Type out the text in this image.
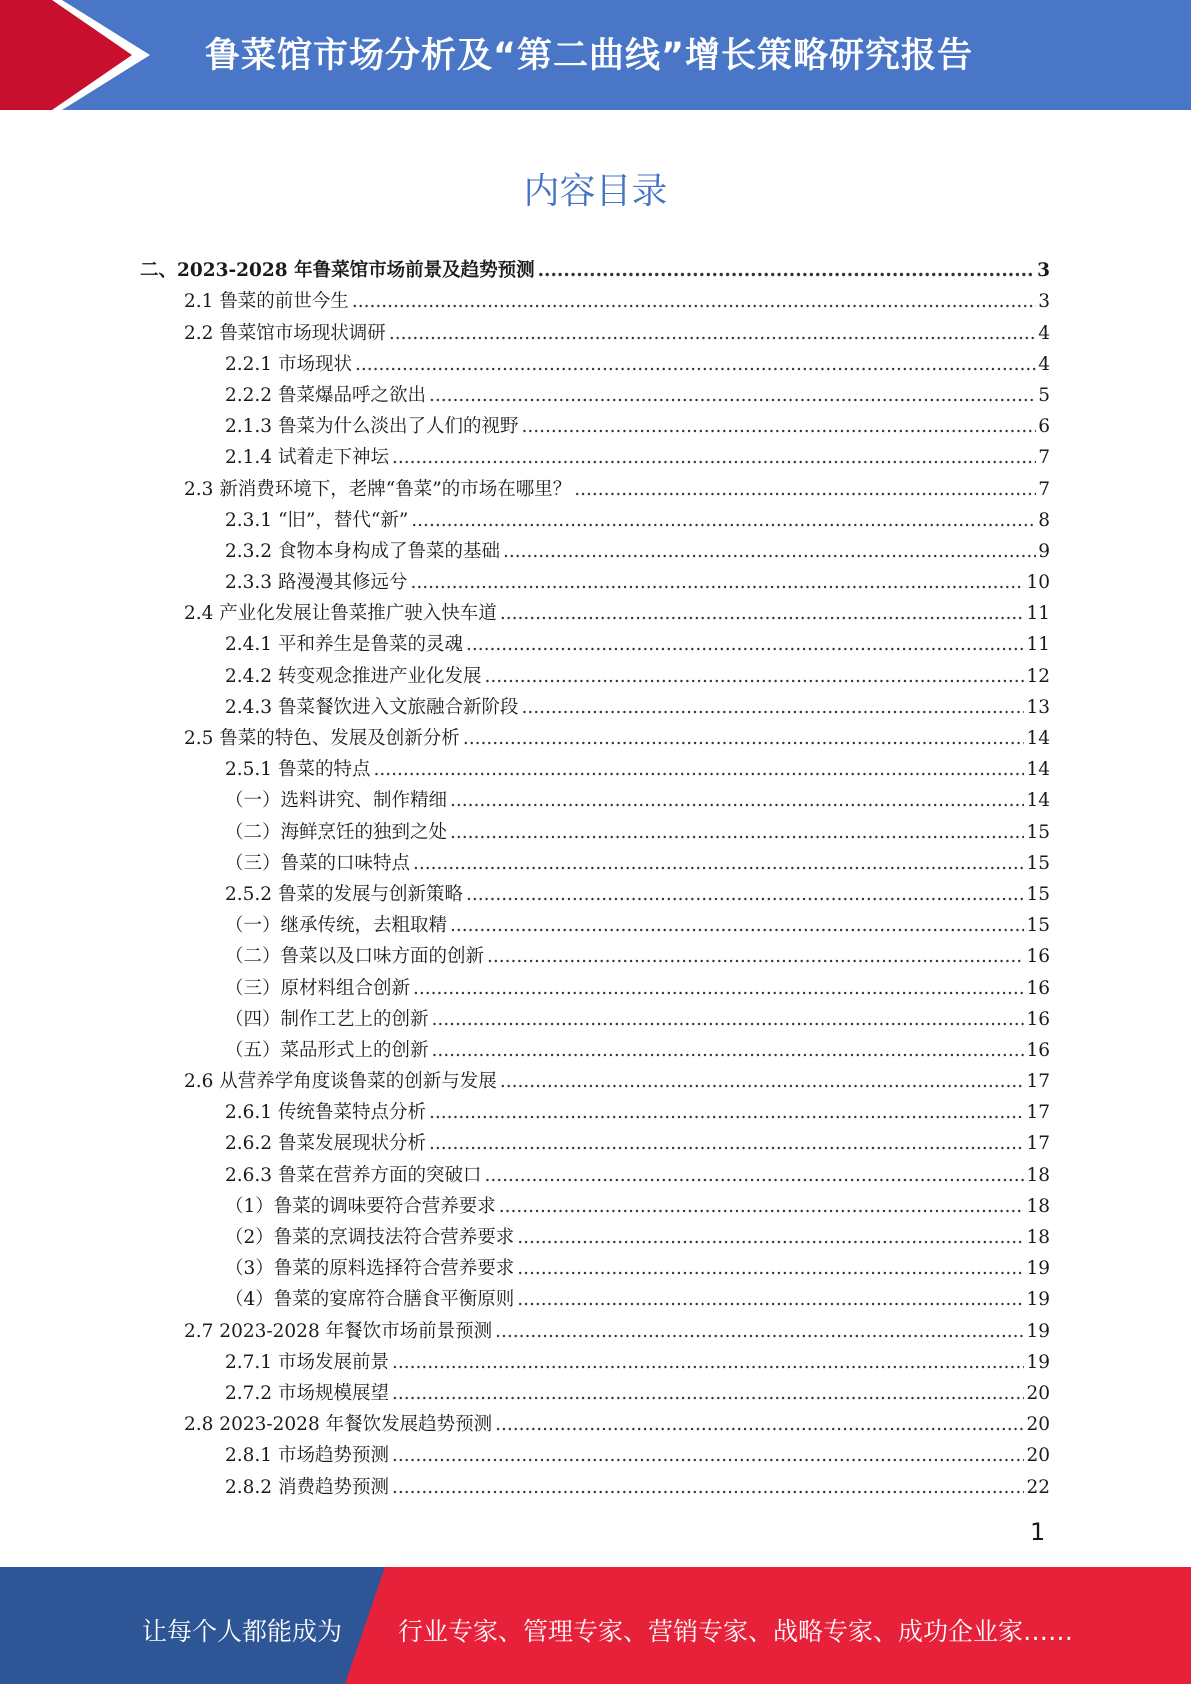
鲁菜馆市场分析及“第二曲线”增长策略研究报告
内容目录
二、2023-2028 年鲁菜馆市场前景及趋势预测 .....	3
2.1 鲁菜的前世今生 .....	3
2.2 鲁菜馆市场现状调研 .....	4
2.2.1 市场现状 .....	4
2.2.2 鲁菜爆品呼之欲出 .....	5
2.1.3 鲁菜为什么淡出了人们的视野 .....	6
2.1.4 试着走下神坛 .....	7
2.3 新消费环境下，老牌“鲁菜”的市场在哪里？ .....	7
2.3.1 “旧”，替代“新” .....	8
2.3.2 食物本身构成了鲁菜的基础 .....	9
2.3.3 路漫漫其修远兮 .....	10
2.4 产业化发展让鲁菜推广驶入快车道 .....	11
2.4.1 平和养生是鲁菜的灵魂 .....	11
2.4.2 转变观念推进产业化发展 .....	12
2.4.3 鲁菜餐饮进入文旅融合新阶段 .....	13
2.5 鲁菜的特色、发展及创新分析 .....	14
2.5.1 鲁菜的特点 .....	14
（一）选料讲究、制作精细 .....	14
（二）海鲜烹饪的独到之处 .....	15
（三）鲁菜的口味特点 .....	15
2.5.2 鲁菜的发展与创新策略 .....	15
（一）继承传统，去粗取精 .....	15
（二）鲁菜以及口味方面的创新 .....	16
（三）原材料组合创新 .....	16
（四）制作工艺上的创新 .....	16
（五）菜品形式上的创新 .....	16
2.6 从营养学角度谈鲁菜的创新与发展 .....	17
2.6.1 传统鲁菜特点分析 .....	17
2.6.2 鲁菜发展现状分析 .....	17
2.6.3 鲁菜在营养方面的突破口 .....	18
（1）鲁菜的调味要符合营养要求 .....	18
（2）鲁菜的烹调技法符合营养要求 .....	18
（3）鲁菜的原料选择符合营养要求 .....	19
（4）鲁菜的宴席符合膳食平衡原则 .....	19
2.7 2023-2028 年餐饮市场前景预测 .....	19
2.7.1 市场发展前景 .....	19
2.7.2 市场规模展望 .....	20
2.8 2023-2028 年餐饮发展趋势预测 .....	20
2.8.1 市场趋势预测 .....	20
2.8.2 消费趋势预测 .....	22
1
让每个人都能成为 行业专家、管理专家、营销专家、战略专家、成功企业家……
